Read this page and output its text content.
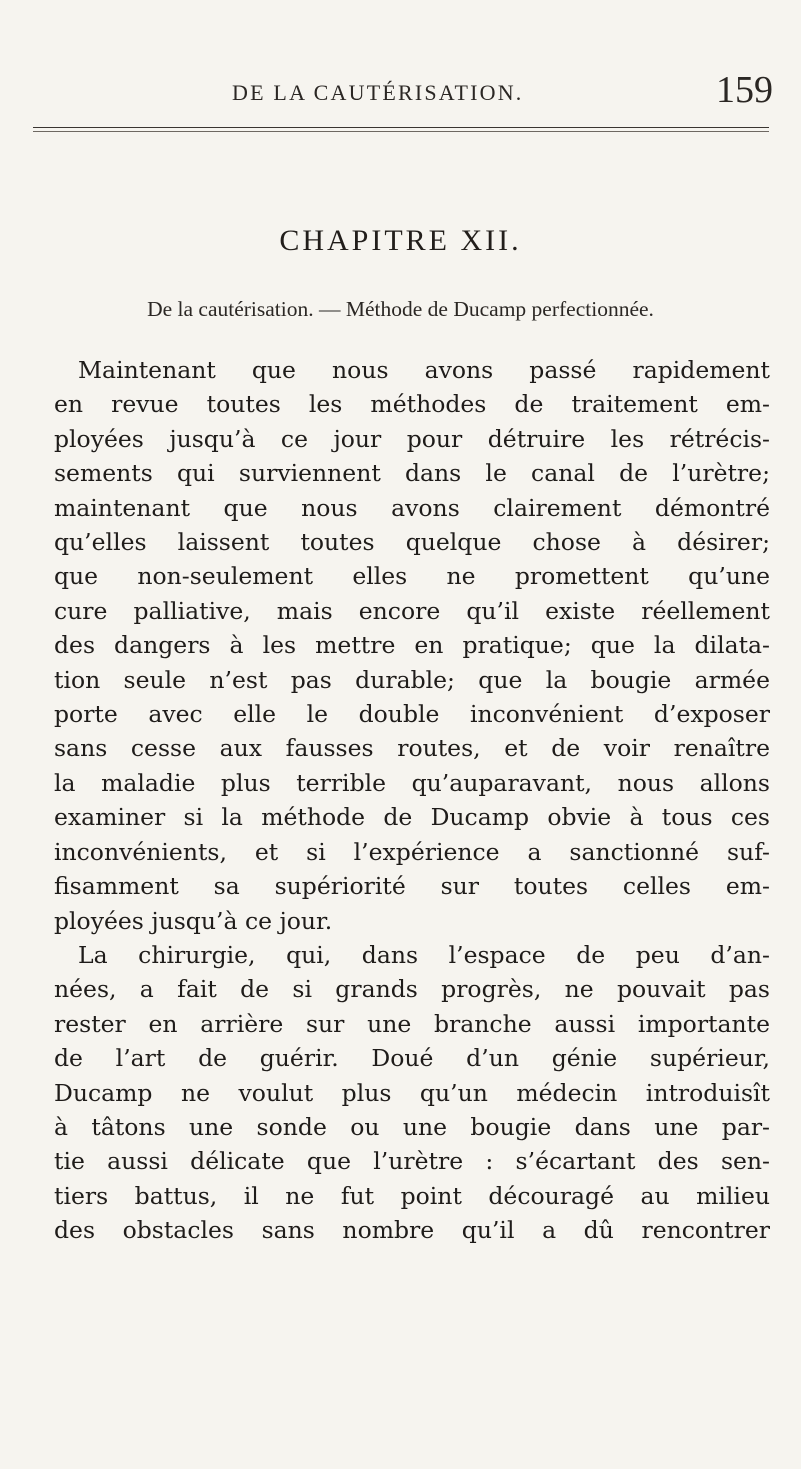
DE LA CAUTÉRISATION.	159
CHAPITRE XII.
De la cautérisation. — Méthode de Ducamp perfectionnée.
Maintenant que nous avons passé rapidement
en revue toutes les méthodes de traitement em-
ployées jusqu’à ce jour pour détruire les rétrécis-
sements qui surviennent dans le canal de l’urètre;
maintenant que nous avons clairement démontré
qu’elles laissent toutes quelque chose à désirer;
que non-seulement elles ne promettent qu’une
cure palliative, mais encore qu’il existe réellement
des dangers à les mettre en pratique; que la dilata-
tion seule n’est pas durable; que la bougie armée
porte avec elle le double inconvénient d’exposer
sans cesse aux fausses routes, et de voir renaître
la maladie plus terrible qu’auparavant, nous allons
examiner si la méthode de Ducamp obvie à tous ces
inconvénients, et si l’expérience a sanctionné suf-
fisamment sa supériorité sur toutes celles em-
ployées jusqu’à ce jour.
La chirurgie, qui, dans l’espace de peu d’an-
nées, a fait de si grands progrès, ne pouvait pas
rester en arrière sur une branche aussi importante
de l’art de guérir. Doué d’un génie supérieur,
Ducamp ne voulut plus qu’un médecin introduisît
à tâtons une sonde ou une bougie dans une par-
tie aussi délicate que l’urètre : s’écartant des sen-
tiers battus, il ne fut point découragé au milieu
des obstacles sans nombre qu’il a dû rencontrer
